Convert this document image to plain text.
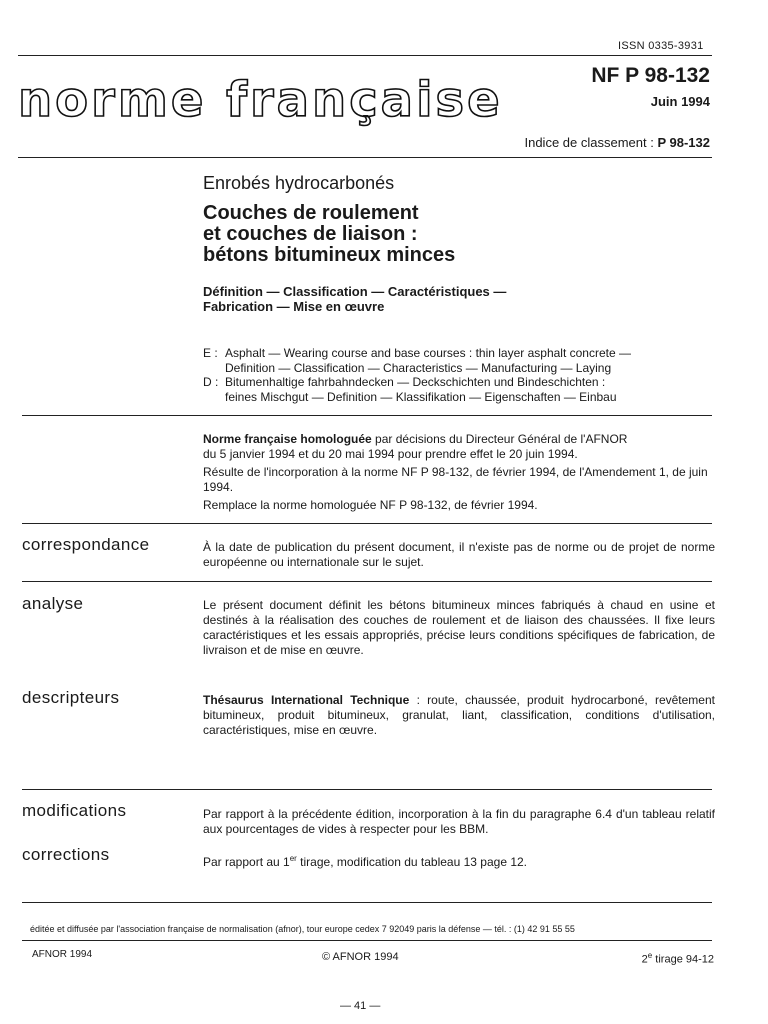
ISSN 0335-3931
norme française	NF P 98-132
Juin 1994
Indice de classement : P 98-132
Enrobés hydrocarbonés
Couches de roulement
et couches de liaison :
bétons bitumineux minces
Définition — Classification — Caractéristiques —
Fabrication — Mise en œuvre
E : Asphalt — Wearing course and base courses : thin layer asphalt concrete —
Definition — Classification — Characteristics — Manufacturing — Laying
D : Bitumenhaltige fahrbahndecken — Deckschichten und Bindeschichten :
feines Mischgut — Definition — Klassifikation — Eigenschaften — Einbau

Norme française homologuée par décisions du Directeur Général de l'AFNOR
du 5 janvier 1994 et du 20 mai 1994 pour prendre effet le 20 juin 1994.

Résulte de l'incorporation à la norme NF P 98-132, de février 1994, de l'Amendement 1, de juin 1994.

Remplace la norme homologuée NF P 98-132, de février 1994.

correspondance	À la date de publication du présent document, il n'existe pas de norme ou de projet de norme européenne ou internationale sur le sujet.
analyse	Le présent document définit les bétons bitumineux minces fabriqués à chaud en usine et destinés à la réalisation des couches de roulement et de liaison des chaussées. Il fixe leurs caractéristiques et les essais appropriés, précise leurs conditions spécifiques de fabrication, de livraison et de mise en œuvre.
descripteurs	Thésaurus International Technique : route, chaussée, produit hydrocarboné, revêtement bitumineux, produit bitumineux, granulat, liant, classification, conditions d'utilisation, caractéristiques, mise en œuvre.
modifications	Par rapport à la précédente édition, incorporation à la fin du paragraphe 6.4 d'un tableau relatif aux pourcentages de vides à respecter pour les BBM.
corrections	Par rapport au 1er tirage, modification du tableau 13 page 12.
éditée et diffusée par l'association française de normalisation (afnor), tour europe cedex 7 92049 paris la défense — tél. : (1) 42 91 55 55
AFNOR 1994	© AFNOR 1994	2e tirage 94-12
— 41 —
